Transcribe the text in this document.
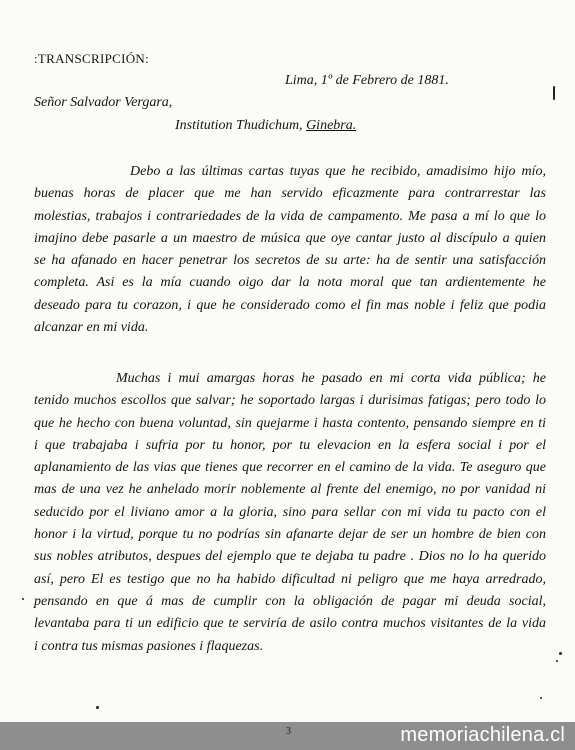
:TRANSCRIPCIÓN:
Lima, 1º de Febrero de 1881.
Señor Salvador Vergara,
Institution Thudichum, Ginebra.
Debo a las últimas cartas tuyas que he recibido, amadisimo hijo mío,
buenas horas de placer que me han servido eficazmente para contrarrestar las
molestias, trabajos i contrariedades de la vida de campamento. Me pasa a mí lo que lo
imajino debe pasarle a un maestro de música que oye cantar justo al discípulo a quien
se ha afanado en hacer penetrar los secretos de su arte: ha de sentir una satisfacción
completa. Asi es la mía cuando oigo dar la nota moral que tan ardientemente he
deseado para tu corazon, i que he considerado como el fin mas noble i feliz que podia
alcanzar en mi vida.
Muchas i mui amargas horas he pasado en mi corta vida pública; he
tenido muchos escollos que salvar; he soportado largas i durisimas fatigas; pero todo lo
que he hecho con buena voluntad, sin quejarme i hasta contento, pensando siempre en ti
i que trabajaba i sufria por tu honor, por tu elevacion en la esfera social i por el
aplanamiento de las vias que tienes que recorrer en el camino de la vida. Te aseguro que
mas de una vez he anhelado morir noblemente al frente del enemigo, no por vanidad ni
seducido por el liviano amor a la gloria, sino para sellar con mi vida tu pacto con el
honor i la virtud, porque tu no podrías sin afanarte dejar de ser un hombre de bien con
sus nobles atributos, despues del ejemplo que te dejaba tu padre . Dios no lo ha querido
así, pero El es testigo que no ha habido dificultad ni peligro que me haya arredrado,
pensando en que á mas de cumplir con la obligación de pagar mi deuda social,
levantaba para ti un edificio que te serviría de asilo contra muchos visitantes de la vida
i contra tus mismas pasiones i flaquezas.
3	memoriachilena.cl
